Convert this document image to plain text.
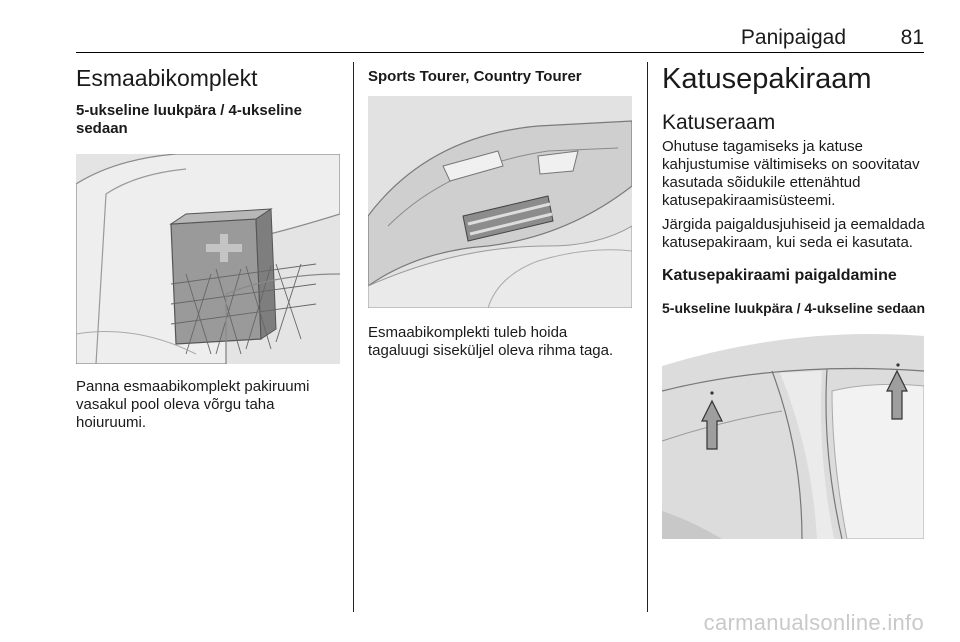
Panipaigad	81
Esmaabikomplekt
5-ukseline luukpära / 4-ukseline sedaan

Panna esmaabikomplekt pakiruumi vasakul pool oleva võrgu taha hoiuruumi.

Sports Tourer, Country Tourer

Esmaabikomplekti tuleb hoida tagaluugi siseküljel oleva rihma taga.

Katusepakiraam
Katuseraam

Ohutuse tagamiseks ja katuse kahjustumise vältimiseks on soovitatav kasutada sõidukile ettenähtud katusepakiraamisüsteemi.

Järgida paigaldusjuhiseid ja eemaldada katusepakiraam, kui seda ei kasutata.

Katusepakiraami paigaldamine
5-ukseline luukpära / 4-ukseline sedaan
carmanualsonline.info
